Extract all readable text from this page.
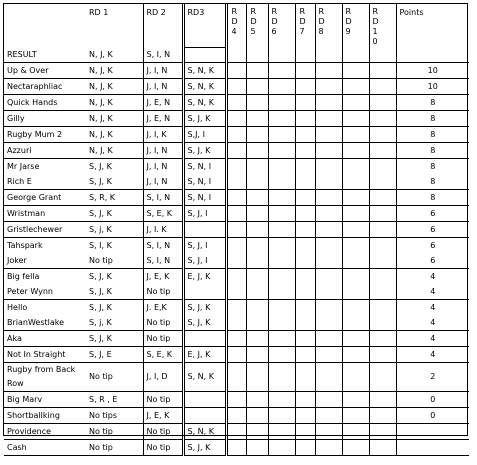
	RD 1	RD 2	RD3	R D 4	R D 5	RD 6	R D 7	RD 8	RD 9	RD 10	Points
RESULT	N, J, K	S, I, N									
Up & Over	N, J, K	J, I, N	S, N, K								10
Nectaraphliac	N, J, K	J, I, N	S, N, K								10
Quick Hands	N, J, K	J, E, N	S, N, K								8
Gilly	N, J, K	J, E, N	S, J, K								8
Rugby Mum 2	N, J, K	J, I, K	S,J, I								8
Azzuri	N, J, K	J, I, N	S, J, K								8
Mr Jarse	S, J, K	J, I, N	S, N, I								8
Rich E	S, J, K	J, I, N	S, N, I								8
George Grant	S, R, K	S, I, N	S, N, I								8
Wristman	S, J, K	S, E, K	S, J, I								6
Gristlechewer	S, j, K	J, I. K									6
Tahspark	S, I, K	S, I, N	S, J, I								6
Joker	No tip	S, I, N	S, J, I								6
Big fella	S, J, K	J, E, K	E, J, K								4
Peter Wynn	S, J, K	No tip									4
Hello	S, J, K	J. E,K	S, J, K								4
BrianWestlake	S, j, K	No tip	S, J, K								4
Aka	S, J, K	No tip									4
Not In Straight	S, J, E	S, E, K	E, J, K								4
Rugby from Back Row	No tip	J, I, D	S, N, K								2
Big Marv	S, R , E	No tip									0
Shortballking	No tips	J, E, K									0
Providence	No tip	No tip	S, N, K								
Cash	No tip	No tip	S, J, K								
